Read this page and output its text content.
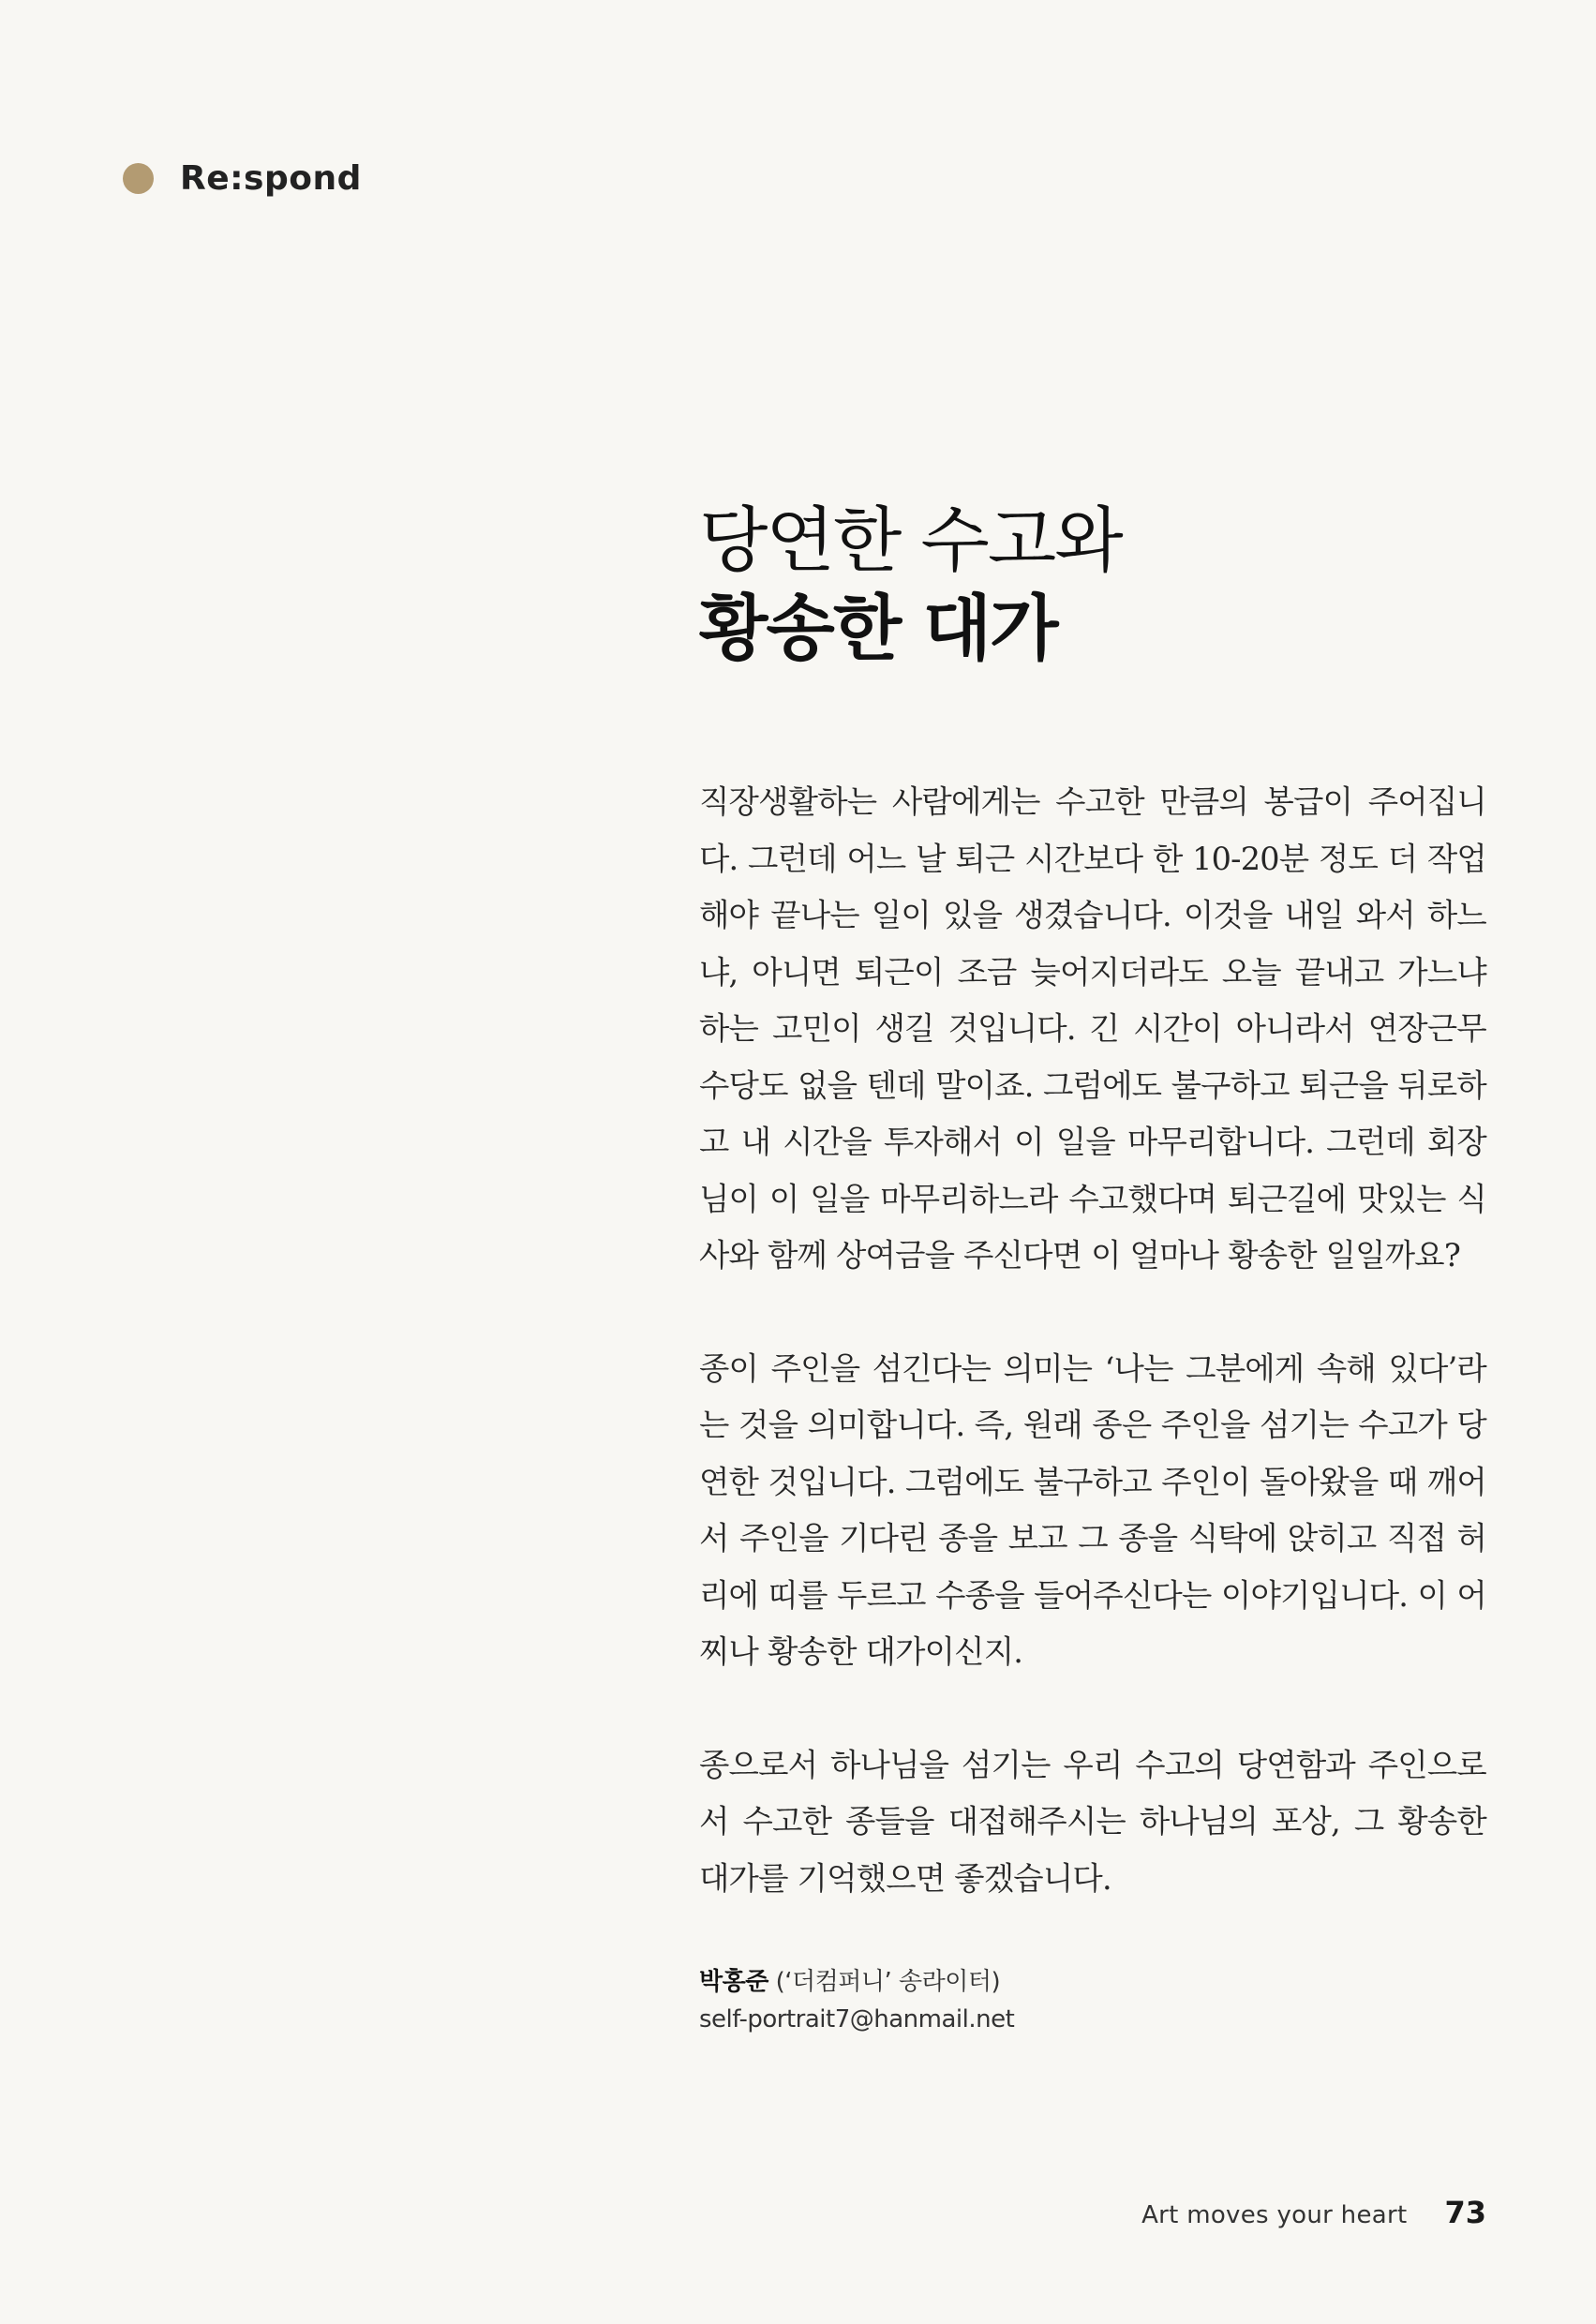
Re:spond
당연한 수고와
황송한 대가

직장생활하는 사람에게는 수고한 만큼의 봉급이 주어집니다. 그런데 어느 날 퇴근 시간보다 한 10-20분 정도 더 작업해야 끝나는 일이 있을 생겼습니다. 이것을 내일 와서 하느냐, 아니면 퇴근이 조금 늦어지더라도 오늘 끝내고 가느냐 하는 고민이 생길 것입니다. 긴 시간이 아니라서 연장근무 수당도 없을 텐데 말이죠. 그럼에도 불구하고 퇴근을 뒤로하고 내 시간을 투자해서 이 일을 마무리합니다. 그런데 회장님이 이 일을 마무리하느라 수고했다며 퇴근길에 맛있는 식사와 함께 상여금을 주신다면 이 얼마나 황송한 일일까요?

종이 주인을 섬긴다는 의미는 ‘나는 그분에게 속해 있다’라는 것을 의미합니다. 즉, 원래 종은 주인을 섬기는 수고가 당연한 것입니다. 그럼에도 불구하고 주인이 돌아왔을 때 깨어서 주인을 기다린 종을 보고 그 종을 식탁에 앉히고 직접 허리에 띠를 두르고 수종을 들어주신다는 이야기입니다. 이 어찌나 황송한 대가이신지.

종으로서 하나님을 섬기는 우리 수고의 당연함과 주인으로서 수고한 종들을 대접해주시는 하나님의 포상, 그 황송한 대가를 기억했으면 좋겠습니다.

박홍준 (‘더컴퍼니’ 송라이터)
self-portrait7@hanmail.net
Art moves your heart 73
